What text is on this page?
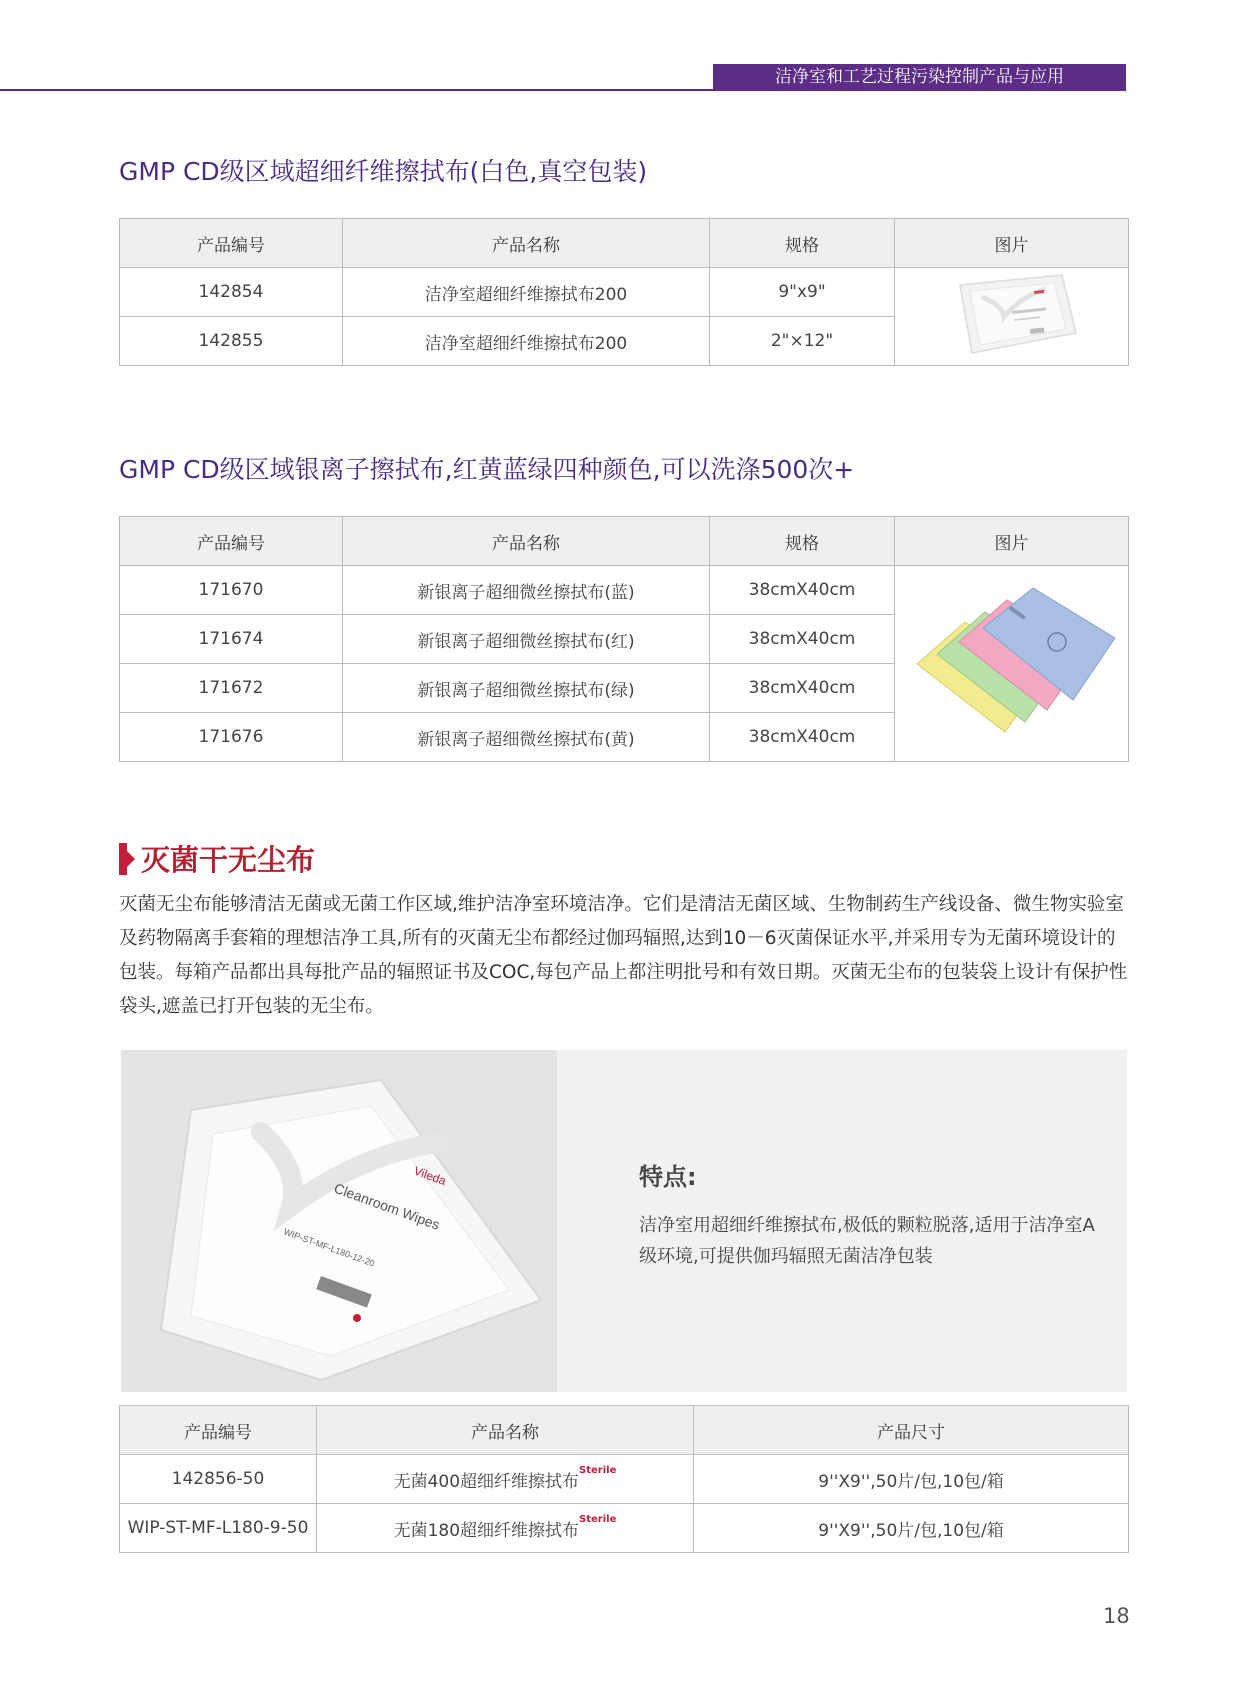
洁净室和工艺过程污染控制产品与应用
GMP CD级区域超细纤维擦拭布(白色,真空包装)
产品编号	产品名称	规格	图片
142854	洁净室超细纤维擦拭布200	9"x9"	
142855	洁净室超细纤维擦拭布200	2"×12"	
GMP CD级区域银离子擦拭布,红黄蓝绿四种颜色,可以洗涤500次+
产品编号	产品名称	规格	图片
171670	新银离子超细微丝擦拭布(蓝)	38cmX40cm	
171674	新银离子超细微丝擦拭布(红)	38cmX40cm	
171672	新银离子超细微丝擦拭布(绿)	38cmX40cm	
171676	新银离子超细微丝擦拭布(黄)	38cmX40cm	
灭菌干无尘布
灭菌无尘布能够清洁无菌或无菌工作区域,维护洁净室环境洁净。它们是清洁无菌区域、生物制药生产线设备、微生物实验室及药物隔离手套箱的理想洁净工具,所有的灭菌无尘布都经过伽玛辐照,达到10－6灭菌保证水平,并采用专为无菌环境设计的包装。每箱产品都出具每批产品的辐照证书及COC,每包产品上都注明批号和有效日期。灭菌无尘布的包装袋上设计有保护性袋头,遮盖已打开包装的无尘布。
Vileda
Cleanroom Wipes
WIP-ST-MF-L180-12-20
特点:
洁净室用超细纤维擦拭布,极低的颗粒脱落,适用于洁净室A级环境,可提供伽玛辐照无菌洁净包装
产品编号	产品名称	产品尺寸
142856-50	无菌400超细纤维擦拭布$^{Sterile}$	9''X9'',50片/包,10包/箱
WIP-ST-MF-L180-9-50	无菌180超细纤维擦拭布$^{Sterile}$	9''X9'',50片/包,10包/箱
18
